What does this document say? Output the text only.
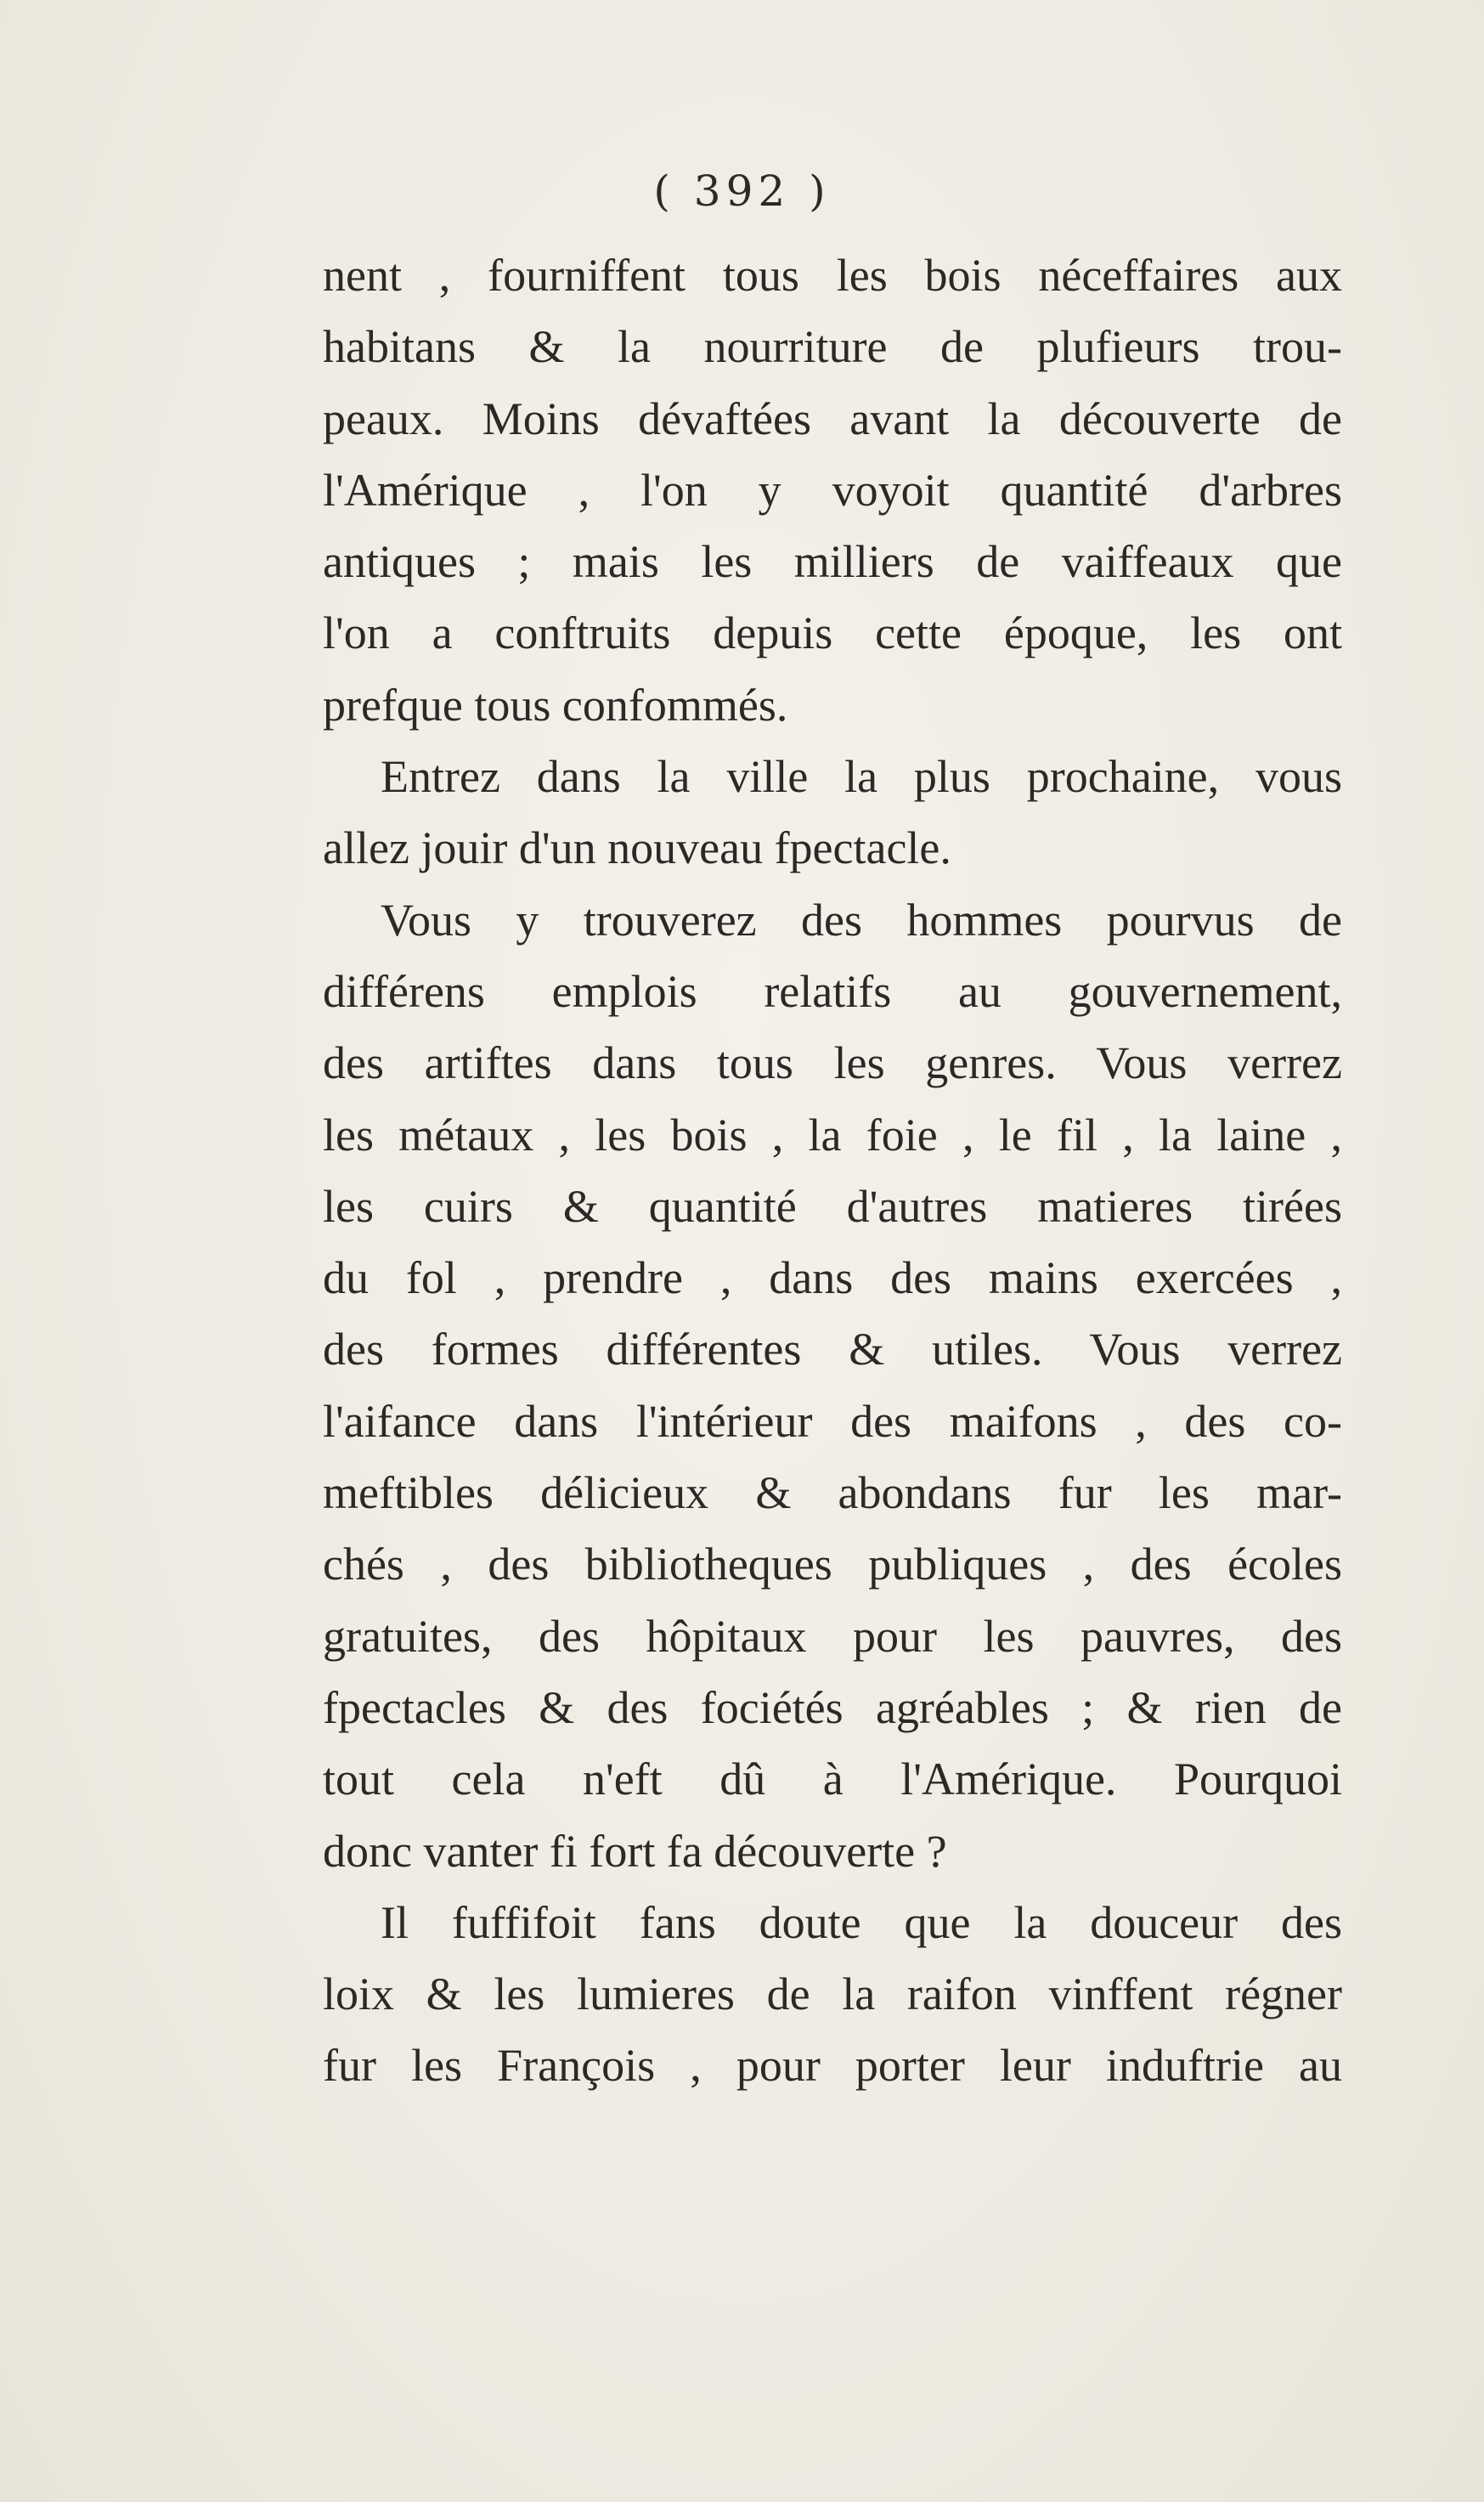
( 392 )
nent , fourniffent tous les bois néceffaires aux
habitans & la nourriture de plufieurs trou-
peaux. Moins dévaftées avant la découverte de
l'Amérique , l'on y voyoit quantité d'arbres
antiques ; mais les milliers de vaiffeaux que
l'on a conftruits depuis cette époque, les ont
prefque tous confommés.
Entrez dans la ville la plus prochaine, vous
allez jouir d'un nouveau fpectacle.
Vous y trouverez des hommes pourvus de
différens emplois relatifs au gouvernement,
des artiftes dans tous les genres. Vous verrez
les métaux , les bois , la foie , le fil , la laine ,
les cuirs & quantité d'autres matieres tirées
du fol , prendre , dans des mains exercées ,
des formes différentes & utiles. Vous verrez
l'aifance dans l'intérieur des maifons , des co-
meftibles délicieux & abondans fur les mar-
chés , des bibliotheques publiques , des écoles
gratuites, des hôpitaux pour les pauvres, des
fpectacles & des fociétés agréables ; & rien de
tout cela n'eft dû à l'Amérique. Pourquoi
donc vanter fi fort fa découverte ?
Il fuffifoit fans doute que la douceur des
loix & les lumieres de la raifon vinffent régner
fur les François , pour porter leur induftrie au
